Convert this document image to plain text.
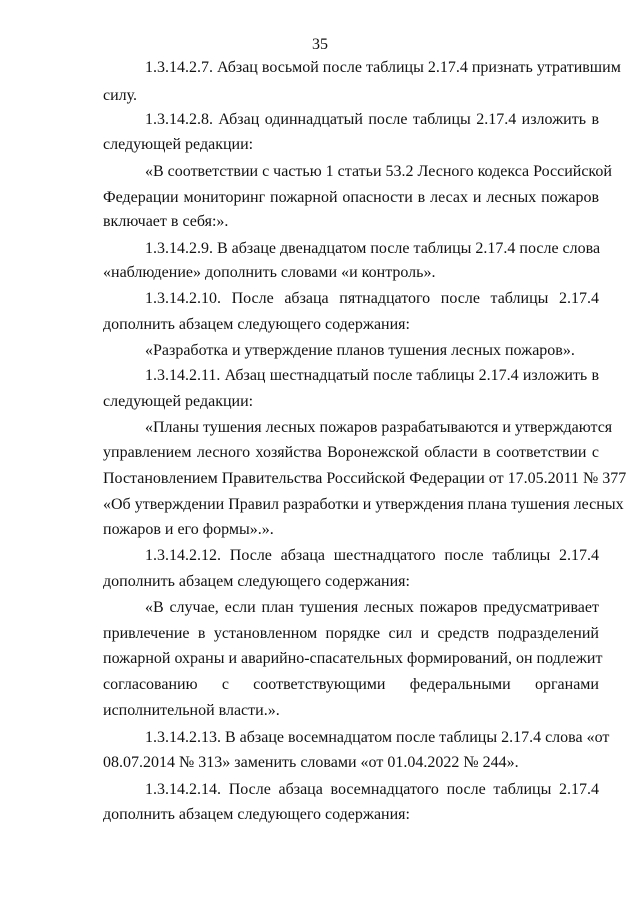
35
1.3.14.2.7. Абзац восьмой после таблицы 2.17.4 признать утратившим
силу.
1.3.14.2.8. Абзац одиннадцатый после таблицы 2.17.4 изложить в
следующей редакции:
«В соответствии с частью 1 статьи 53.2 Лесного кодекса Российской
Федерации мониторинг пожарной опасности в лесах и лесных пожаров
включает в себя:».
1.3.14.2.9. В абзаце двенадцатом после таблицы 2.17.4 после слова
«наблюдение» дополнить словами «и контроль».
1.3.14.2.10. После абзаца пятнадцатого после таблицы 2.17.4
дополнить абзацем следующего содержания:
«Разработка и утверждение планов тушения лесных пожаров».
1.3.14.2.11. Абзац шестнадцатый после таблицы 2.17.4 изложить в
следующей редакции:
«Планы тушения лесных пожаров разрабатываются и утверждаются
управлением лесного хозяйства Воронежской области в соответствии с
Постановлением Правительства Российской Федерации от 17.05.2011 № 377
«Об утверждении Правил разработки и утверждения плана тушения лесных
пожаров и его формы».».
1.3.14.2.12. После абзаца шестнадцатого после таблицы 2.17.4
дополнить абзацем следующего содержания:
«В случае, если план тушения лесных пожаров предусматривает
привлечение в установленном порядке сил и средств подразделений
пожарной охраны и аварийно-спасательных формирований, он подлежит
согласованию с соответствующими федеральными органами
исполнительной власти.».
1.3.14.2.13. В абзаце восемнадцатом после таблицы 2.17.4 слова «от
08.07.2014 № 313» заменить словами «от 01.04.2022 № 244».
1.3.14.2.14. После абзаца восемнадцатого после таблицы 2.17.4
дополнить абзацем следующего содержания:
